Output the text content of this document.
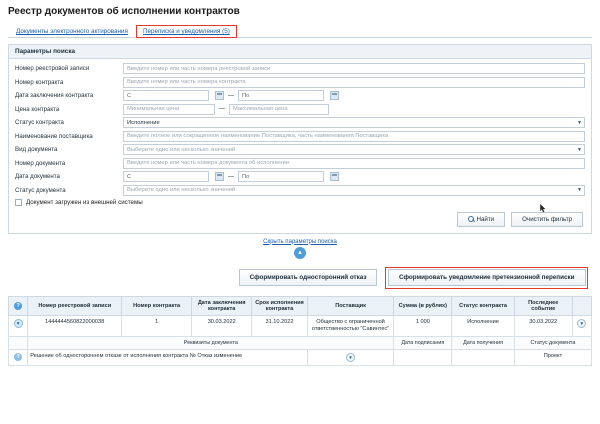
Реестр документов об исполнении контрактов
Документы электронного актирования	Переписка и уведомления (5)
Параметры поиска
Номер реестровой записи	Введите номер или часть номера реестровой записи
Номер контракта	Введите номер или часть номера контракта
Дата заключения контракта	С	—	По
Цена контракта	Минимальная цена	—	Максимальная цена
Статус контракта	Исполнение	▼
Наименование поставщика	Введите полное или сокращенное наименование Поставщика, часть наименования Поставщика
Вид документа	Выберите одно или несколько значений	▼
Номер документа	Введите номер или часть номера документа об исполнении
Дата документа	С	—	По
Статус документа	Выберите одно или несколько значений	▼
Документ загружен из внешней системы
Найти	Очистить фильтр
Скрыть параметры поиска
▲
Сформировать односторонний отказ	Сформировать уведомление претензионной переписки
?	Номер реестровой записи	Номер контракта	Дата заключения контракта	Срок исполнения контракта	Поставщик	Сумма (в рублях)	Статус контракта	Последнее событие	
▾	14444445608220000З8	1	30.03.2022	31.10.2022	Общество с ограниченной ответственностью "Савинтес"	1 000	Исполнение	30.03.2022	▼
	Реквизиты документа					Дата подписания	Дата получения	Статус документа	
?	Решение об одностороннем отказе от исполнения контракта № Отказ изменение				▼			Проект	
